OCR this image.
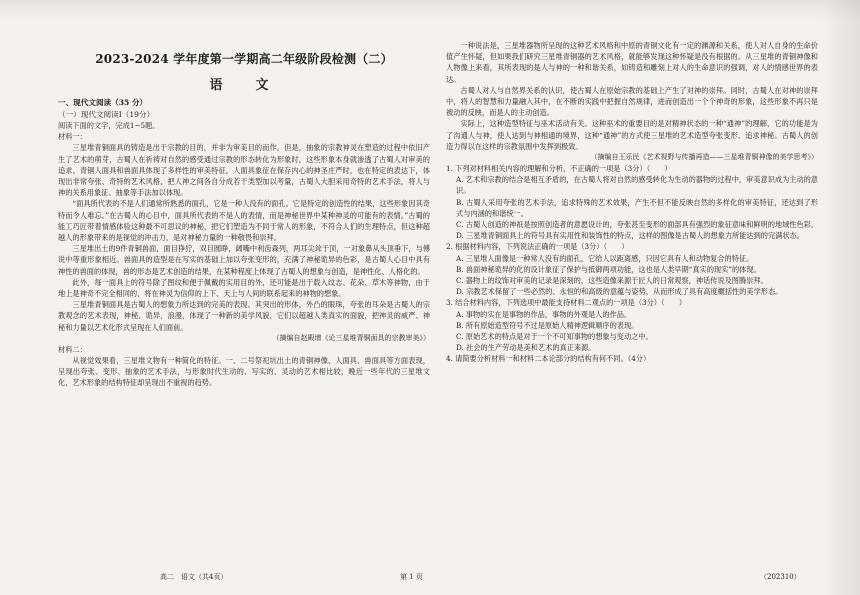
2023-2024 学年度第一学期高二年级阶段检测（二）
语　文
一、现代文阅读（35 分）
（一）现代文阅读Ⅰ（19分）

阅读下面的文字，完成1~5题。

材料一：

三星堆青铜面具的铸造是出于宗教的目的，并非为审美目的而作。但是，抽象的宗教神灵在塑造的过程中依旧产生了艺术的萌芽，古蜀人在祈祷对自然的感受通过宗教的形态转化为形象时，这些形象本身就渗透了古蜀人对审美的追求。青铜人面具和兽面具体现了多样性的审美特征，人面具象征在保存内心的神圣庄严时，也在特定的表达下，体现出非常夸张、奇特的艺术风格，把人神之间各自分成若干类型加以考量，古蜀人大胆采用奇特的艺术手法，将人与神的关系用象征、抽象等手法加以体现。

“面具所代表的不是人们通常所熟悉的面孔，它是一种人没有的面孔。它是特定的创造性的结果，这些形象因其奇特而令人难忘。”在古蜀人的心目中，面具所代表的不是人的表情，而是神秘世界中某种神灵的可能有的表情。”古蜀的能工巧匠带着情感体验这种最不可思议的神秘，把它们塑造为不同于常人的形象，不符合人们的生理特点，但这种超越人的形象带来的是视觉的冲击力，是对神秘力量的一种敬畏和崇拜。

三星堆出土的9件青铜兽面，面目狰狞，双目圆睁，阔嘴中利齿森列，两耳尖耸于顶，一对象鼻从头顶垂下，与傅说中等重形象相近。兽面具的造型是在写实的基础上加以夸张变形的，充满了神秘诡异的色彩，是古蜀人心目中具有神性的兽面的体现，兽的形态是艺术创造的结果，在某种程度上体现了古蜀人的想象与创造，是神性化、人格化的。

此外，每一面具上的符号除了图纹和便于佩戴的实用目的外，还可能是出于载入纹志、花朵、草木等神物，由于地上是神奇不完全相同的，将在神灵为信仰的上下、天上与人间的联系起来的神物的想象。

三星堆青铜面具是古蜀人的想象力所达到的完美的表现。其突出的形体，外凸的眼珠，夸张的耳朵是古蜀人的宗教观念的艺术表现，神秘、诡异、浪漫，体现了一种新的美学风貌，它们以超越人类真实的面貌，把神灵的威严、神秘和力量以艺术化形式呈现在人们面前。

（摘编自赵殿增《论三星堆青铜面具的宗教审美》）

材料二：

从视觉效果看，三星堆文物有一种简化的特征。一、二号祭祀坑出土的青铜神像、人面具、兽面具等方面表现，呈现出夸张、变形、抽象的艺术手法，与形象时代生动的、写实的、灵动的艺术相比较，晚近一些年代的三星堆文化，艺术形象的结构特征却呈现出不重视的趋势。

一种说法是，三星堆器物所呈现的这种艺术风格和中原的青铜文化有一定的渊源和关系，使人对人自身的生命价值产生怀疑，但如果我们研究三星堆青铜器的艺术风格，就能够发现这种怀疑是没有根据的。从三星堆的青铜神像和人物像上来看，其所表现的是人与神的一种和谐关系，如铸造和雕刻上对人的生命意识的强调，对人的情感世界的表达。

古蜀人对人与自然界关系的认识，使古蜀人在原始宗教的基础上产生了对神的崇拜。同时，古蜀人在对神的崇拜中，将人的智慧和力量融入其中，在不断的实践中把握自然规律，进而创造出一个个神奇的形象，这些形象不再只是被动的反映，而是人的主动创造。

实际上，这种造型特征与巫术活动有关。这种巫术的重要目的是对精神状态的一种“通神”的理解，它的功能是为了沟通人与神，使人达到与神相通的境界，这种“通神”的方式使三星堆的艺术造型夸张变形、追求神秘。古蜀人的创造力得以在这样的宗教氛围中发挥到极致。

（摘编自王乐民《艺术视野与传播再造——三星堆青铜神像的美学思考》）

1. 下列对材料相关内容的理解和分析，不正确的一项是（3分）（　　）

A. 艺术和宗教的结合是相互矛盾的，在古蜀人将对自然的感受转化为生动的器物的过程中，审美意识成为主动的意识。

B. 古蜀人采用夸张的艺术手法，追求特殊的艺术效果，产生不但不能反映自然的多样化的审美特征，还达到了形式与内涵的和谐统一。

C. 古蜀人创造的神祇是按照创造者的意愿设计的，夸张甚至变形的面部具有强烈的象征意味和鲜明的地域性色彩。

D. 三星堆青铜面具上的符号具有实用性和装饰性的特点，这样的图像是古蜀人的想象力所能达到的完满状态。

2. 根据材料内容，下列说法正确的一项是（3分）（　　）

A. 三星堆人面像是一种常人没有的面孔，它给人以距离感，只因它具有人和动物复合的特征。

B. 兽面神秘诡异的化的设计象征了保护与抵御两项功能，这也是人类早期“真实的现实”的体现。

C. 器物上的纹饰对审美的记录是深刻的，这些造像来源于匠人的日常观察，神话传说及图腾崇拜。

D. 宗教艺术保留了一些必然的、永恒的和高级的意蕴与姿势，从而形成了具有高度概括性的美学形态。

3. 结合材料内容，下列选项中最能支持材料二观点的一项是（3分）（　　）

A. 事物的实在是事物的作品，事物的外观是人的作品。

B. 所有原始造型符号不过是原始人精神逻辑顺序的表现。

C. 原始艺术的特点是对于一个不可知事物的想象与变动之中。

D. 社会的生产劳动是美和艺术的真正来源。

4. 请简要分析材料一和材料二本论部分的结构有何不同。（4分）

高二　语文（共4页）	第 1 页	（202310）
